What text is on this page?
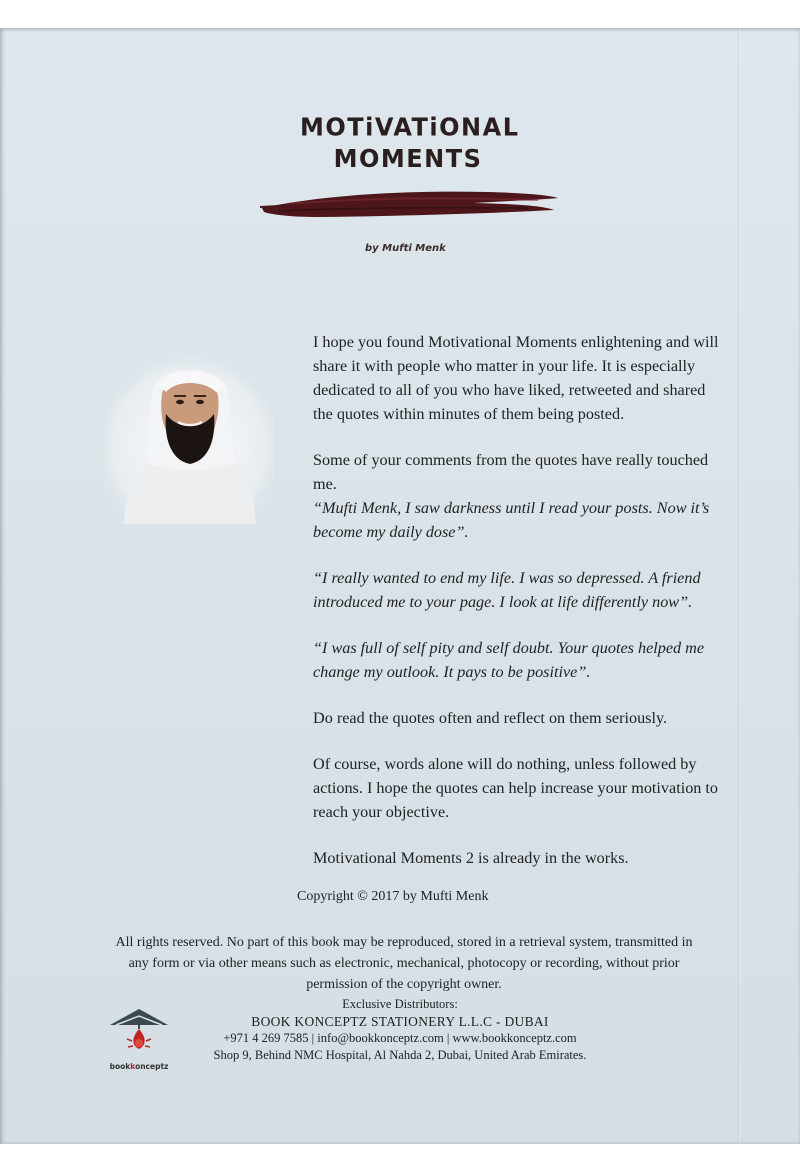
MOTiVATiONAL
MOMENTS
by Mufti Menk

I hope you found Motivational Moments enlightening and will share it with people who matter in your life. It is especially dedicated to all of you who have liked, retweeted and shared the quotes within minutes of them being posted.

Some of your comments from the quotes have really touched me.

“Mufti Menk, I saw darkness until I read your posts. Now it’s become my daily dose”.

“I really wanted to end my life. I was so depressed. A friend introduced me to your page. I look at life differently now”.

“I was full of self pity and self doubt. Your quotes helped me change my outlook. It pays to be positive”.

Do read the quotes often and reflect on them seriously.

Of course, words alone will do nothing, unless followed by actions. I hope the quotes can help increase your motivation to reach your objective.

Motivational Moments 2 is already in the works.

Copyright © 2017 by Mufti Menk
All rights reserved. No part of this book may be reproduced, stored in a retrieval system, transmitted in any form or via other means such as electronic, mechanical, photocopy or recording, without prior permission of the copyright owner.
bookkonceptz
Exclusive Distributors:
BOOK KONCEPTZ STATIONERY L.L.C - DUBAI
+971 4 269 7585 | info@bookkonceptz.com | www.bookkonceptz.com
Shop 9, Behind NMC Hospital, Al Nahda 2, Dubai, United Arab Emirates.
